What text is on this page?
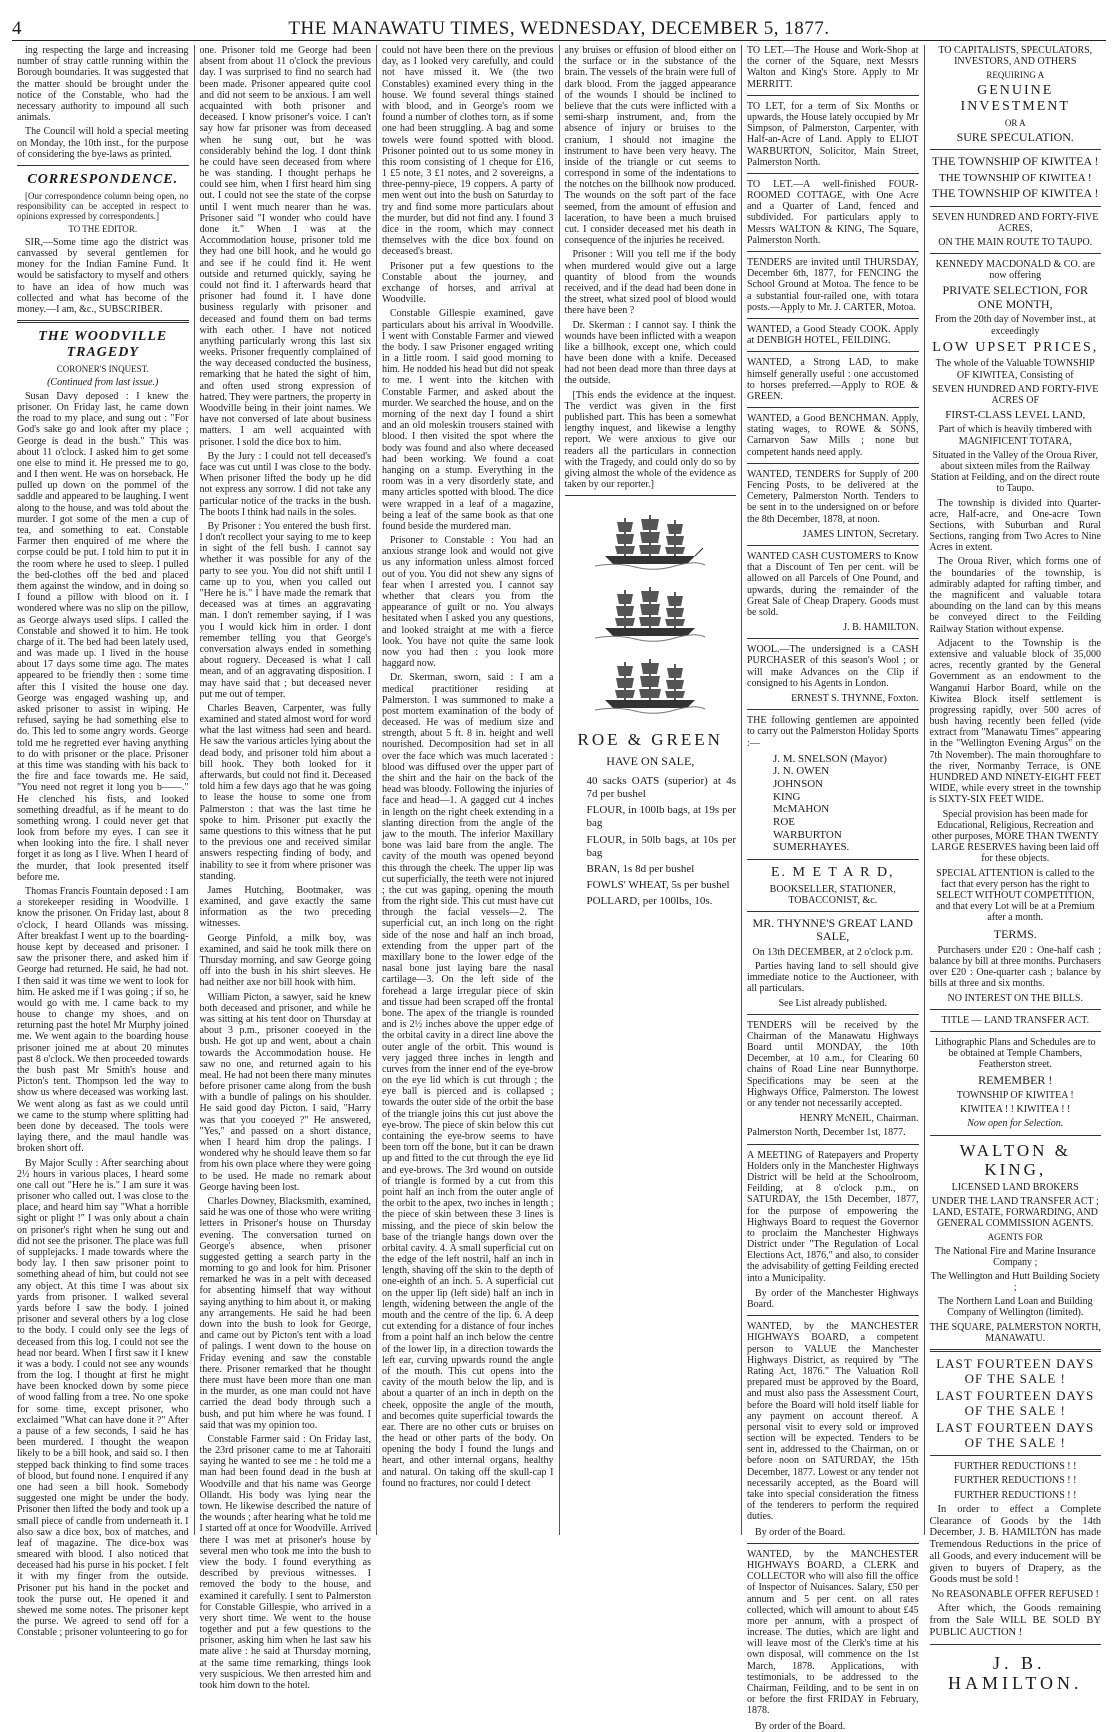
4	THE MANAWATU TIMES, WEDNESDAY, DECEMBER 5, 1877.

ing respecting the large and increasing number of stray cattle running within the Borough boundaries. It was suggested that the matter should be brought under the notice of the Constable, who had the necessary authority to impound all such animals.

The Council will hold a special meeting on Monday, the 10th inst., for the purpose of considering the bye-laws as printed.

CORRESPONDENCE.

[Our correspondence column being open, no responsibility can be accepted in respect to opinions expressed by correspondents.]

TO THE EDITOR.

SIR,—Some time ago the district was canvassed by several gentlemen for money for the Indian Famine Fund. It would be satisfactory to myself and others to have an idea of how much was collected and what has become of the money.—I am, &c., SUBSCRIBER.

THE WOODVILLE TRAGEDY

CORONER'S INQUEST.

(Continued from last issue.)

Susan Davy deposed : I knew the prisoner. On Friday last, he came down the road to my place, and sung out : "For God's sake go and look after my place ; George is dead in the bush." This was about 11 o'clock. I asked him to get some one else to mind it. He pressed me to go, and I then went. He was on horseback. He pulled up down on the pommel of the saddle and appeared to be laughing. I went along to the house, and was told about the murder. I got some of the men a cup of tea, and something to eat. Constable Farmer then enquired of me where the corpse could be put. I told him to put it in the room where he used to sleep. I pulled the bed-clothes off the bed and placed them against the window, and in doing so I found a pillow with blood on it. I wondered where was no slip on the pillow, as George always used slips. I called the Constable and showed it to him. He took charge of it. The bed had been lately used, and was made up. I lived in the house about 17 days some time ago. The mates appeared to be friendly then : some time after this I visited the house one day. George was engaged washing up, and asked prisoner to assist in wiping. He refused, saying he had something else to do. This led to some angry words. George told me he regretted ever having anything to do with prisoner or the place. Prisoner at this time was standing with his back to the fire and face towards me. He said, "You need not regret it long you b——." He clenched his fists, and looked something dreadful, as if he meant to do something wrong. I could never get that look from before my eyes. I can see it when looking into the fire. I shall never forget it as long as I live. When I heard of the murder, that look presented itself before me.

Thomas Francis Fountain deposed : I am a storekeeper residing in Woodville. I know the prisoner. On Friday last, about 8 o'clock, I heard Ollands was missing. After breakfast I went up to the boarding-house kept by deceased and prisoner. I saw the prisoner there, and asked him if George had returned. He said, he had not. I then said it was time we went to look for him. He asked me if I was going ; if so, he would go with me. I came back to my house to change my shoes, and on returning past the hotel Mr Murphy joined me. We went again to the boarding house prisoner joined me at about 20 minutes past 8 o'clock. We then proceeded towards the bush past Mr Smith's house and Picton's tent. Thompson led the way to show us where deceased was working last. We went along as fast as we could until we came to the stump where splitting had been done by deceased. The tools were laying there, and the maul handle was broken short off.

By Major Scully : After searching about 2½ hours in various places, I heard some one call out "Here he is." I am sure it was prisoner who called out. I was close to the place, and heard him say "What a horrible sight or plight !" I was only about a chain on prisoner's right when he sung out and did not see the prisoner. The place was full of supplejacks. I made towards where the body lay. I then saw prisoner point to something ahead of him, but could not see any object. At this time I was about six yards from prisoner. I walked several yards before I saw the body. I joined prisoner and several others by a log close to the body. I could only see the legs of deceased from this log. I could not see the head nor beard. When I first saw it I knew it was a body. I could not see any wounds from the log. I thought at first he might have been knocked down by some piece of wood falling from a tree. No one spoke for some time, except prisoner, who exclaimed "What can have done it ?" After a pause of a few seconds, I said he has been murdered. I thought the weapon likely to be a bill hook, and said so. I then stepped back thinking to find some traces of blood, but found none. I enquired if any one had seen a bill hook. Somebody suggested one might be under the body. Prisoner then lifted the body and took up a small piece of candle from underneath it. I also saw a dice box, box of matches, and leaf of magazine. The dice-box was smeared with blood. I also noticed that deceased had his purse in his pocket. I felt it with my finger from the outside. Prisoner put his hand in the pocket and took the purse out. He opened it and shewed me some notes. The prisoner kept the purse. We agreed to send off for a Constable ; prisoner volunteering to go for

one. Prisoner told me George had been absent from about 11 o'clock the previous day. I was surprised to find no search had been made. Prisoner appeared quite cool and did not seem to be anxious. I am well acquainted with both prisoner and deceased. I know prisoner's voice. I can't say how far prisoner was from deceased when he sung out, but he was considerably behind the log. I dont think he could have seen deceased from where he was standing. I thought perhaps he could see him, when I first heard him sing out. I could not see the state of the corpse until I went much nearer than he was. Prisoner said "I wonder who could have done it." When I was at the Accommodation house, prisoner told me they had one bill hook, and he would go and see if he could find it. He went outside and returned quickly, saying he could not find it. I afterwards heard that prisoner had found it. I have done business regularly with prisoner and deceased and found them on bad terms with each other. I have not noticed anything particularly wrong this last six weeks. Prisoner frequently complained of the way deceased conducted the business, remarking that he hated the sight of him, and often used strong expression of hatred. They were partners, the property in Woodville being in their joint names. We have not conversed of late about business matters. I am well acquainted with prisoner. I sold the dice box to him.

By the Jury : I could not tell deceased's face was cut until I was close to the body. When prisoner lifted the body up he did not express any sorrow. I did not take any particular notice of the tracks in the bush. The boots I think had nails in the soles.

By Prisoner : You entered the bush first. I don't recollect your saying to me to keep in sight of the fell bush. I cannot say whether it was possible for any of the party to see you. You did not shift until I came up to you, when you called out "Here he is." I have made the remark that deceased was at times an aggravating man. I don't remember saying, if I was you I would kick him in order. I dont remember telling you that George's conversation always ended in something about roguery. Deceased is what I call mean, and of an aggravating disposition. I may have said that ; but deceased never put me out of temper.

Charles Beaven, Carpenter, was fully examined and stated almost word for word what the last witness had seen and heard. He saw the various articles lying about the dead body, and prisoner told him about a bill hook. They both looked for it afterwards, but could not find it. Deceased told him a few days ago that he was going to lease the house to some one from Palmerston : that was the last time he spoke to him. Prisoner put exactly the same questions to this witness that he put to the previous one and received similar answers respecting finding of body, and inability to see it from where prisoner was standing.

James Hutching, Bootmaker, was examined, and gave exactly the same information as the two preceding witnesses.

George Pinfold, a milk boy, was examined, and said he took milk there on Thursday morning, and saw George going off into the bush in his shirt sleeves. He had neither axe nor bill hook with him.

William Picton, a sawyer, said he knew both deceased and prisoner, and while he was sitting at his tent door on Thursday at about 3 p.m., prisoner cooeyed in the bush. He got up and went, about a chain towards the Accommodation house. He saw no one, and returned again to his meal. He had not been there many minutes before prisoner came along from the bush with a bundle of palings on his shoulder. He said good day Picton. I said, "Harry was that you cooeyed ?" He answered, "Yes," and passed on a short distance, when I heard him drop the palings. I wondered why he should leave them so far from his own place where they were going to be used. He made no remark about George having been lost.

Charles Downey, Blacksmith, examined, said he was one of those who were writing letters in Prisoner's house on Thursday evening. The conversation turned on George's absence, when prisoner suggested getting a search party in the morning to go and look for him. Prisoner remarked he was in a pelt with deceased for absenting himself that way without saying anything to him about it, or making any arrangements. He said he had been down into the bush to look for George, and came out by Picton's tent with a load of palings. I went down to the house on Friday evening and saw the constable there. Prisoner remarked that he thought there must have been more than one man in the murder, as one man could not have carried the dead body through such a bush, and put him where he was found. I said that was my opinion too.

Constable Farmer said : On Friday last, the 23rd prisoner came to me at Tahoraiti saying he wanted to see me : he told me a man had been found dead in the bush at Woodville and that his name was George Ollandt. His body was lying near the town. He likewise described the nature of the wounds ; after hearing what he told me I started off at once for Woodville. Arrived there I was met at prisoner's house by several men who took me into the bush to view the body. I found everything as described by previous witnesses. I removed the body to the house, and examined it carefully. I sent to Palmerston for Constable Gillespie, who arrived in a very short time. We went to the house together and put a few questions to the prisoner, asking him when he last saw his mate alive : he said at Thursday morning, at the same time remarking, things look very suspicious. We then arrested him and took him down to the hotel.

could not have been there on the previous day, as I looked very carefully, and could not have missed it. We (the two Constables) examined every thing in the house. We found several things stained with blood, and in George's room we found a number of clothes torn, as if some one had been struggling. A bag and some towels were found spotted with blood. Prisoner pointed out to us some money in this room consisting of 1 cheque for £16, 1 £5 note, 3 £1 notes, and 2 sovereigns, a three-penny-piece, 19 coppers. A party of men went out into the bush on Saturday to try and find some more particulars about the murder, but did not find any. I found 3 dice in the room, which may connect themselves with the dice box found on deceased's breast.

Prisoner put a few questions to the Constable about the journey, and exchange of horses, and arrival at Woodville.

Constable Gillespie examined, gave particulars about his arrival in Woodville. I went with Constable Farmer and viewed the body. I saw Prisoner engaged writing in a little room. I said good morning to him. He nodded his head but did not speak to me. I went into the kitchen with Constable Farmer, and asked about the murder. We searched the house, and on the morning of the next day I found a shirt and an old moleskin trousers stained with blood. I then visited the spot where the body was found and also where deceased had been working. We found a coat hanging on a stump. Everything in the room was in a very disorderly state, and many articles spotted with blood. The dice were wrapped in a leaf of a magazine, being a leaf of the same book as that one found beside the murdered man.

Prisoner to Constable : You had an anxious strange look and would not give us any information unless almost forced out of you. You did not shew any signs of fear when I arrested you. I cannot say whether that clears you from the appearance of guilt or no. You always hesitated when I asked you any questions, and looked straight at me with a fierce look. You have not quite the same look now you had then : you look more haggard now.

Dr. Skerman, sworn, said : I am a medical practitioner residing at Palmerston. I was summoned to make a post mortem examination of the body of deceased. He was of medium size and strength, about 5 ft. 8 in. height and well nourished. Decomposition had set in all over the face which was much lacerated : blood was diffused over the upper part of the shirt and the hair on the back of the head was bloody. Following the injuries of face and head—1. A gagged cut 4 inches in length on the right cheek extending in a slanting direction from the angle of the jaw to the mouth. The inferior Maxillary bone was laid bare from the angle. The cavity of the mouth was opened beyond this through the cheek. The upper lip was cut superficially, the teeth were not injured ; the cut was gaping, opening the mouth from the right side. This cut must have cut through the facial vessels—2. The superficial cut, an inch long on the right side of the nose and half an inch broad, extending from the upper part of the maxillary bone to the lower edge of the nasal bone just laying bare the nasal cartilage—3. On the left side of the forehead a large irregular piece of skin and tissue had been scraped off the frontal bone. The apex of the triangle is rounded and is 2½ inches above the upper edge of the orbital cavity in a direct line above the outer angle of the orbit. This wound is very jagged three inches in length and curves from the inner end of the eye-brow on the eye lid which is cut through ; the eye ball is pierced and is collapsed ; towards the outer side of the orbit the base of the triangle joins this cut just above the eye-brow. The piece of skin below this cut containing the eye-brow seems to have been torn off the bone, but it can be drawn up and fitted to the cut through the eye lid and eye-brows. The 3rd wound on outside of triangle is formed by a cut from this point half an inch from the outer angle of the orbit to the apex, two inches in length ; the piece of skin between these 3 lines is missing, and the piece of skin below the base of the triangle hangs down over the orbital cavity. 4. A small superficial cut on the edge of the left nostril, half an inch in length, shaving off the skin to the depth of one-eighth of an inch. 5. A superficial cut on the upper lip (left side) half an inch in length, widening between the angle of the mouth and the centre of the lip. 6. A deep cut extending for a distance of four inches from a point half an inch below the centre of the lower lip, in a direction towards the left ear, curving upwards round the angle of the mouth. This cut opens into the cavity of the mouth below the lip, and is about a quarter of an inch in depth on the cheek, opposite the angle of the mouth, and becomes quite superficial towards the ear. There are no other cuts or bruises on the head or other parts of the body. On opening the body I found the lungs and heart, and other internal organs, healthy and natural. On taking off the skull-cap I found no fractures, nor could I detect

any bruises or effusion of blood either on the surface or in the substance of the brain. The vessels of the brain were full of dark blood. From the jagged appearance of the wounds I should be inclined to believe that the cuts were inflicted with a semi-sharp instrument, and, from the absence of injury or bruises to the cranium, I should not imagine the instrument to have been very heavy. The inside of the triangle or cut seems to correspond in some of the indentations to the notches on the billhook now produced. The wounds on the soft part of the face seemed, from the amount of effusion and laceration, to have been a much bruised cut. I consider deceased met his death in consequence of the injuries he received.

Prisoner : Will you tell me if the body when murdered would give out a large quantity of blood from the wounds received, and if the dead had been done in the street, what sized pool of blood would there have been ?

Dr. Skerman : I cannot say. I think the wounds have been inflicted with a weapon like a billhook, except one, which could have been done with a knife. Deceased had not been dead more than three days at the outside.

[This ends the evidence at the inquest. The verdict was given in the first published part. This has been a somewhat lengthy inquest, and likewise a lengthy report. We were anxious to give our readers all the particulars in connection with the Tragedy, and could only do so by giving almost the whole of the evidence as taken by our reporter.]

ROE & GREEN

HAVE ON SALE,

40 sacks OATS (superior) at 4s 7d per bushel

FLOUR, in 100lb bags, at 19s per bag

FLOUR, in 50lb bags, at 10s per bag

BRAN, 1s 8d per bushel

FOWLS' WHEAT, 5s per bushel

POLLARD, per 100lbs, 10s.

TO LET.—The House and Work-Shop at the corner of the Square, next Messrs Walton and King's Store. Apply to Mr MERRITT.

TO LET, for a term of Six Months or upwards, the House lately occupied by Mr Simpson, of Palmerston, Carpenter, with Half-an-Acre of Land. Apply to ELIOT WARBURTON, Solicitor, Main Street, Palmerston North.

TO LET.—A well-finished FOUR-ROOMED COTTAGE, with One Acre and a Quarter of Land, fenced and subdivided. For particulars apply to Messrs WALTON & KING, The Square, Palmerston North.

TENDERS are invited until THURSDAY, December 6th, 1877, for FENCING the School Ground at Motoa. The fence to be a substantial four-railed one, with totara posts.—Apply to Mr. J. CARTER, Motoa.

WANTED, a Good Steady COOK. Apply at DENBIGH HOTEL, FEILDING.

WANTED, a Strong LAD, to make himself generally useful : one accustomed to horses preferred.—Apply to ROE & GREEN.

WANTED, a Good BENCHMAN. Apply, stating wages, to ROWE & SONS, Carnarvon Saw Mills ; none but competent hands need apply.

WANTED, TENDERS for Supply of 200 Fencing Posts, to be delivered at the Cemetery, Palmerston North. Tenders to be sent in to the undersigned on or before the 8th December, 1878, at noon.

JAMES LINTON, Secretary.

WANTED CASH CUSTOMERS to Know that a Discount of Ten per cent. will be allowed on all Parcels of One Pound, and upwards, during the remainder of the Great Sale of Cheap Drapery. Goods must be sold.

J. B. HAMILTON.

WOOL.—The undersigned is a CASH PURCHASER of this season's Wool ; or will make Advances on the Clip if consigned to his Agents in London.

ERNEST S. THYNNE, Foxton.

THE following gentlemen are appointed to carry out the Palmerston Holiday Sports :—

J. M. SNELSON (Mayor)
J. N. OWEN
JOHNSON
KING
McMAHON
ROE
WARBURTON
SUMERHAYES.

E. M E T A R D,

BOOKSELLER, STATIONER, TOBACCONIST, &c.

MR. THYNNE'S GREAT LAND SALE,

On 13th DECEMBER, at 2 o'clock p.m.

Parties having land to sell should give immediate notice to the Auctioneer, with all particulars.

See List already published.

TENDERS will be received by the Chairman of the Manawatu Highways Board until MONDAY, the 10th December, at 10 a.m., for Clearing 60 chains of Road Line near Bunnythorpe. Specifications may be seen at the Highways Office, Palmerston. The lowest or any tender not necessarily accepted.

HENRY McNEIL, Chairman.

Palmerston North, December 1st, 1877.

A MEETING of Ratepayers and Property Holders only in the Manchester Highways District will be held at the Schoolroom, Feilding, at 8 o'clock p.m., on SATURDAY, the 15th December, 1877, for the purpose of empowering the Highways Board to request the Governor to proclaim the Manchester Highways District under "The Regulation of Local Elections Act, 1876," and also, to consider the advisability of getting Feilding erected into a Municipality.

By order of the Manchester Highways Board.

WANTED, by the MANCHESTER HIGHWAYS BOARD, a competent person to VALUE the Manchester Highways District, as required by "The Rating Act, 1876." The Valuation Roll prepared must be approved by the Board, and must also pass the Assessment Court, before the Board will hold itself liable for any payment on account thereof. A personal visit to every sold or improved section will be expected. Tenders to be sent in, addressed to the Chairman, on or before noon on SATURDAY, the 15th December, 1877. Lowest or any tender not necessarily accepted, as the Board will take into special consideration the fitness of the tenderers to perform the required duties.

By order of the Board.

WANTED, by the MANCHESTER HIGHWAYS BOARD, a CLERK and COLLECTOR who will also fill the office of Inspector of Nuisances. Salary, £50 per annum and 5 per cent. on all rates collected, which will amount to about £45 more per annum, with a prospect of increase. The duties, which are light and will leave most of the Clerk's time at his own disposal, will commence on the 1st March, 1878. Applications, with testimonials, to be addressed to the Chairman, Feilding, and to be sent in on or before the first FRIDAY in February, 1878.

By order of the Board.

TO CAPITALISTS, SPECULATORS, INVESTORS, AND OTHERS

REQUIRING A

GENUINE INVESTMENT

OR A

SURE SPECULATION.

THE TOWNSHIP OF KIWITEA !

THE TOWNSHIP OF KIWITEA !

THE TOWNSHIP OF KIWITEA !

SEVEN HUNDRED AND FORTY-FIVE ACRES,

ON THE MAIN ROUTE TO TAUPO.

KENNEDY MACDONALD & CO. are now offering

PRIVATE SELECTION, FOR ONE MONTH,

From the 20th day of November inst., at exceedingly

LOW UPSET PRICES,

The whole of the Valuable TOWNSHIP OF KIWITEA, Consisting of

SEVEN HUNDRED AND FORTY-FIVE ACRES OF

FIRST-CLASS LEVEL LAND,

Part of which is heavily timbered with MAGNIFICENT TOTARA,

Situated in the Valley of the Oroua River, about sixteen miles from the Railway Station at Feilding, and on the direct route to Taupo.

The township is divided into Quarter-acre, Half-acre, and One-acre Town Sections, with Suburban and Rural Sections, ranging from Two Acres to Nine Acres in extent.

The Oroua River, which forms one of the boundaries of the township, is admirably adapted for rafting timber, and the magnificent and valuable totara abounding on the land can by this means be conveyed direct to the Feilding Railway Station without expense.

Adjacent to the Township is the extensive and valuable block of 35,000 acres, recently granted by the General Government as an endowment to the Wanganui Harbor Board, while on the Kiwitea Block itself settlement is progressing rapidly, over 500 acres of bush having recently been felled (vide extract from "Manawatu Times" appearing in the "Wellington Evening Argus" on the 7th November). The main thoroughfare to the river, Normanby Terrace, is ONE HUNDRED AND NINETY-EIGHT FEET WIDE, while every street in the township is SIXTY-SIX FEET WIDE.

Special provision has been made for Educational, Religious, Recreation and other purposes, MORE THAN TWENTY LARGE RESERVES having been laid off for these objects.

SPECIAL ATTENTION is called to the fact that every person has the right to SELECT WITHOUT COMPETITION, and that every Lot will be at a Premium after a month.

TERMS.

Purchasers under £20 : One-half cash ; balance by bill at three months. Purchasers over £20 : One-quarter cash ; balance by bills at three and six months.

NO INTEREST ON THE BILLS.

TITLE — LAND TRANSFER ACT.

Lithographic Plans and Schedules are to be obtained at Temple Chambers, Featherston street.

REMEMBER !

TOWNSHIP OF KIWITEA !

KIWITEA ! ! KIWITEA ! !

Now open for Selection.

WALTON & KING,

LICENSED LAND BROKERS

UNDER THE LAND TRANSFER ACT ; LAND, ESTATE, FORWARDING, AND GENERAL COMMISSION AGENTS.

AGENTS FOR

The National Fire and Marine Insurance Company ;

The Wellington and Hutt Building Society ;

The Northern Land Loan and Building Company of Wellington (limited).

THE SQUARE, PALMERSTON NORTH, MANAWATU.

LAST FOURTEEN DAYS OF THE SALE !

LAST FOURTEEN DAYS OF THE SALE !

LAST FOURTEEN DAYS OF THE SALE !

FURTHER REDUCTIONS ! !

FURTHER REDUCTIONS ! !

FURTHER REDUCTIONS ! !

In order to effect a Complete Clearance of Goods by the 14th December, J. B. HAMILTON has made Tremendous Reductions in the price of all Goods, and every inducement will be given to buyers of Drapery, as the Goods must be sold !

No REASONABLE OFFER REFUSED !

After which, the Goods remaining from the Sale WILL BE SOLD BY PUBLIC AUCTION !

J. B. HAMILTON.
